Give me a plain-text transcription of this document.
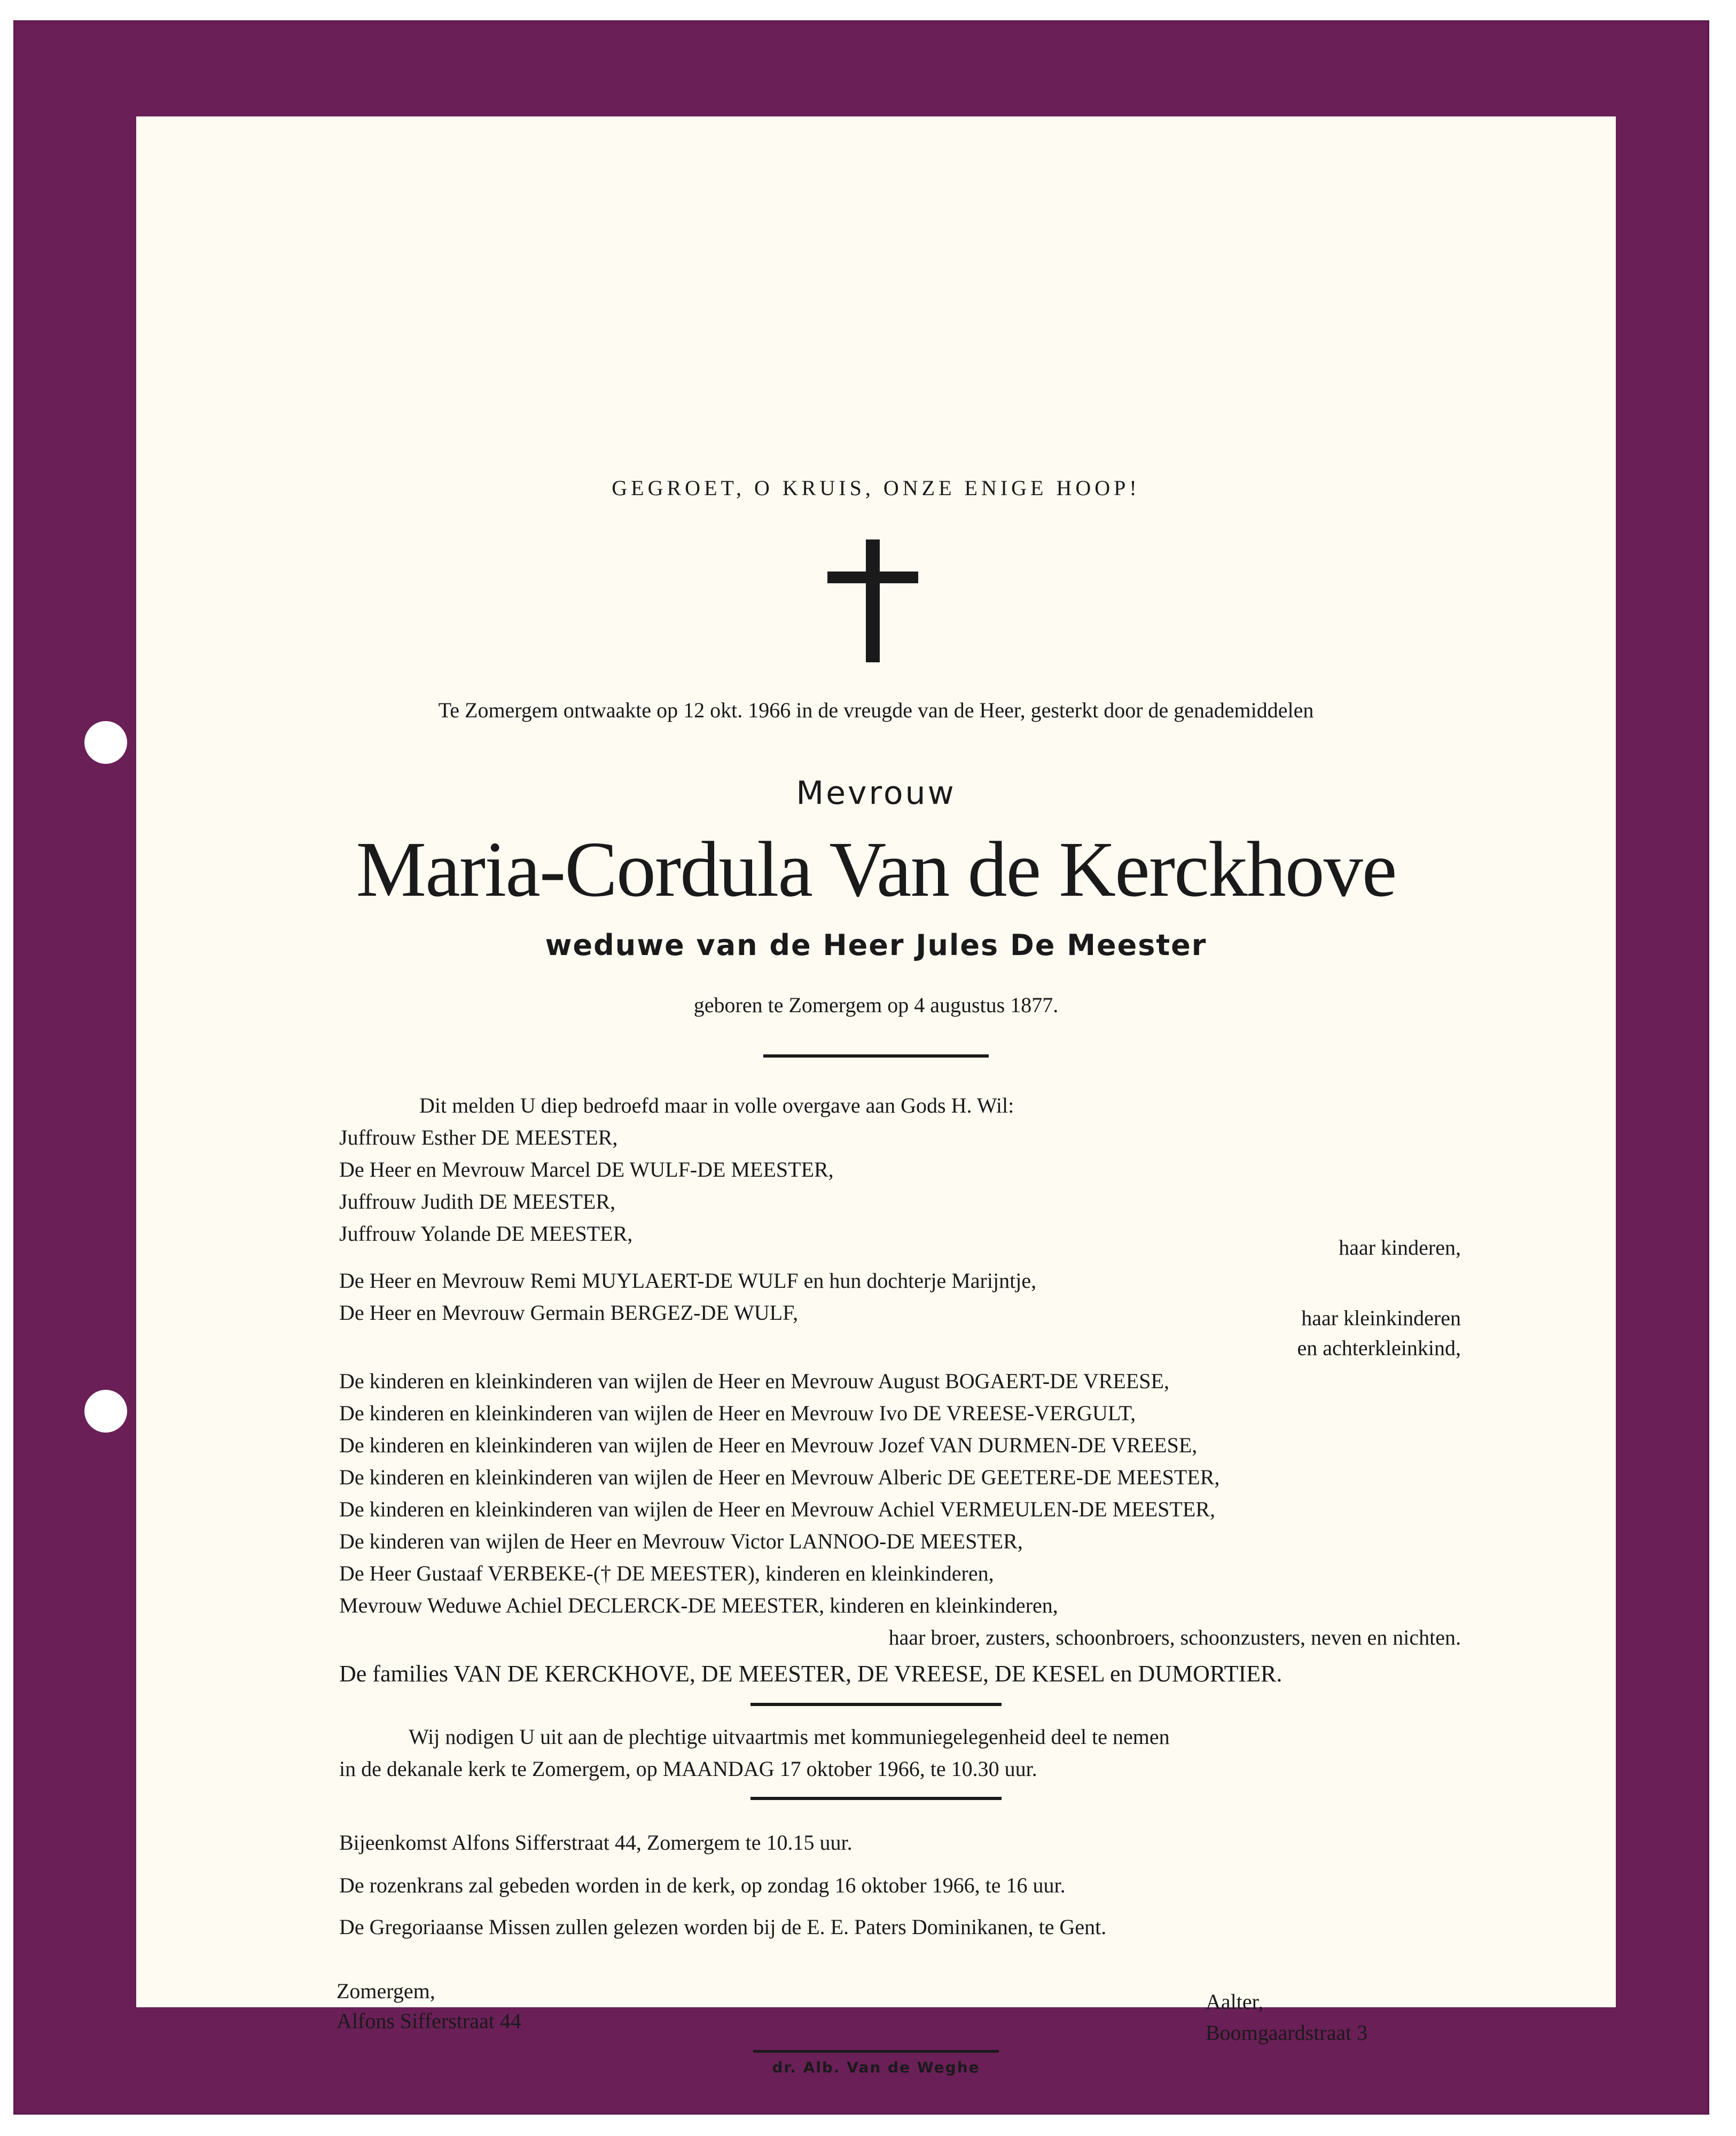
GEGROET, O KRUIS, ONZE ENIGE HOOP!

Te Zomergem ontwaakte op 12 okt. 1966 in de vreugde van de Heer, gesterkt door de genademiddelen

Mevrouw

Maria-Cordula Van de Kerckhove

weduwe van de Heer Jules De Meester

geboren te Zomergem op 4 augustus 1877.

Dit melden U diep bedroefd maar in volle overgave aan Gods H. Wil:

Juffrouw Esther DE MEESTER,

De Heer en Mevrouw Marcel DE WULF-DE MEESTER,

Juffrouw Judith DE MEESTER,

Juffrouw Yolande DE MEESTER,

haar kinderen,

De Heer en Mevrouw Remi MUYLAERT-DE WULF en hun dochterje Marijntje,

De Heer en Mevrouw Germain BERGEZ-DE WULF,	haar kleinkinderen

en achterkleinkind,

De kinderen en kleinkinderen van wijlen de Heer en Mevrouw August BOGAERT-DE VREESE,

De kinderen en kleinkinderen van wijlen de Heer en Mevrouw Ivo DE VREESE-VERGULT,

De kinderen en kleinkinderen van wijlen de Heer en Mevrouw Jozef VAN DURMEN-DE VREESE,

De kinderen en kleinkinderen van wijlen de Heer en Mevrouw Alberic DE GEETERE-DE MEESTER,

De kinderen en kleinkinderen van wijlen de Heer en Mevrouw Achiel VERMEULEN-DE MEESTER,

De kinderen van wijlen de Heer en Mevrouw Victor LANNOO-DE MEESTER,

De Heer Gustaaf VERBEKE-(† DE MEESTER), kinderen en kleinkinderen,

Mevrouw Weduwe Achiel DECLERCK-DE MEESTER, kinderen en kleinkinderen,

haar broer, zusters, schoonbroers, schoonzusters, neven en nichten.

De families VAN DE KERCKHOVE, DE MEESTER, DE VREESE, DE KESEL en DUMORTIER.

Wij nodigen U uit aan de plechtige uitvaartmis met kommuniegelegenheid deel te nemen

in de dekanale kerk te Zomergem, op MAANDAG 17 oktober 1966, te 10.30 uur.

Bijeenkomst Alfons Sifferstraat 44, Zomergem te 10.15 uur.

De rozenkrans zal gebeden worden in de kerk, op zondag 16 oktober 1966, te 16 uur.

De Gregoriaanse Missen zullen gelezen worden bij de E. E. Paters Dominikanen, te Gent.

Zomergem,

Alfons Sifferstraat 44

Aalter,

Boomgaardstraat 3

dr. Alb. Van de Weghe
